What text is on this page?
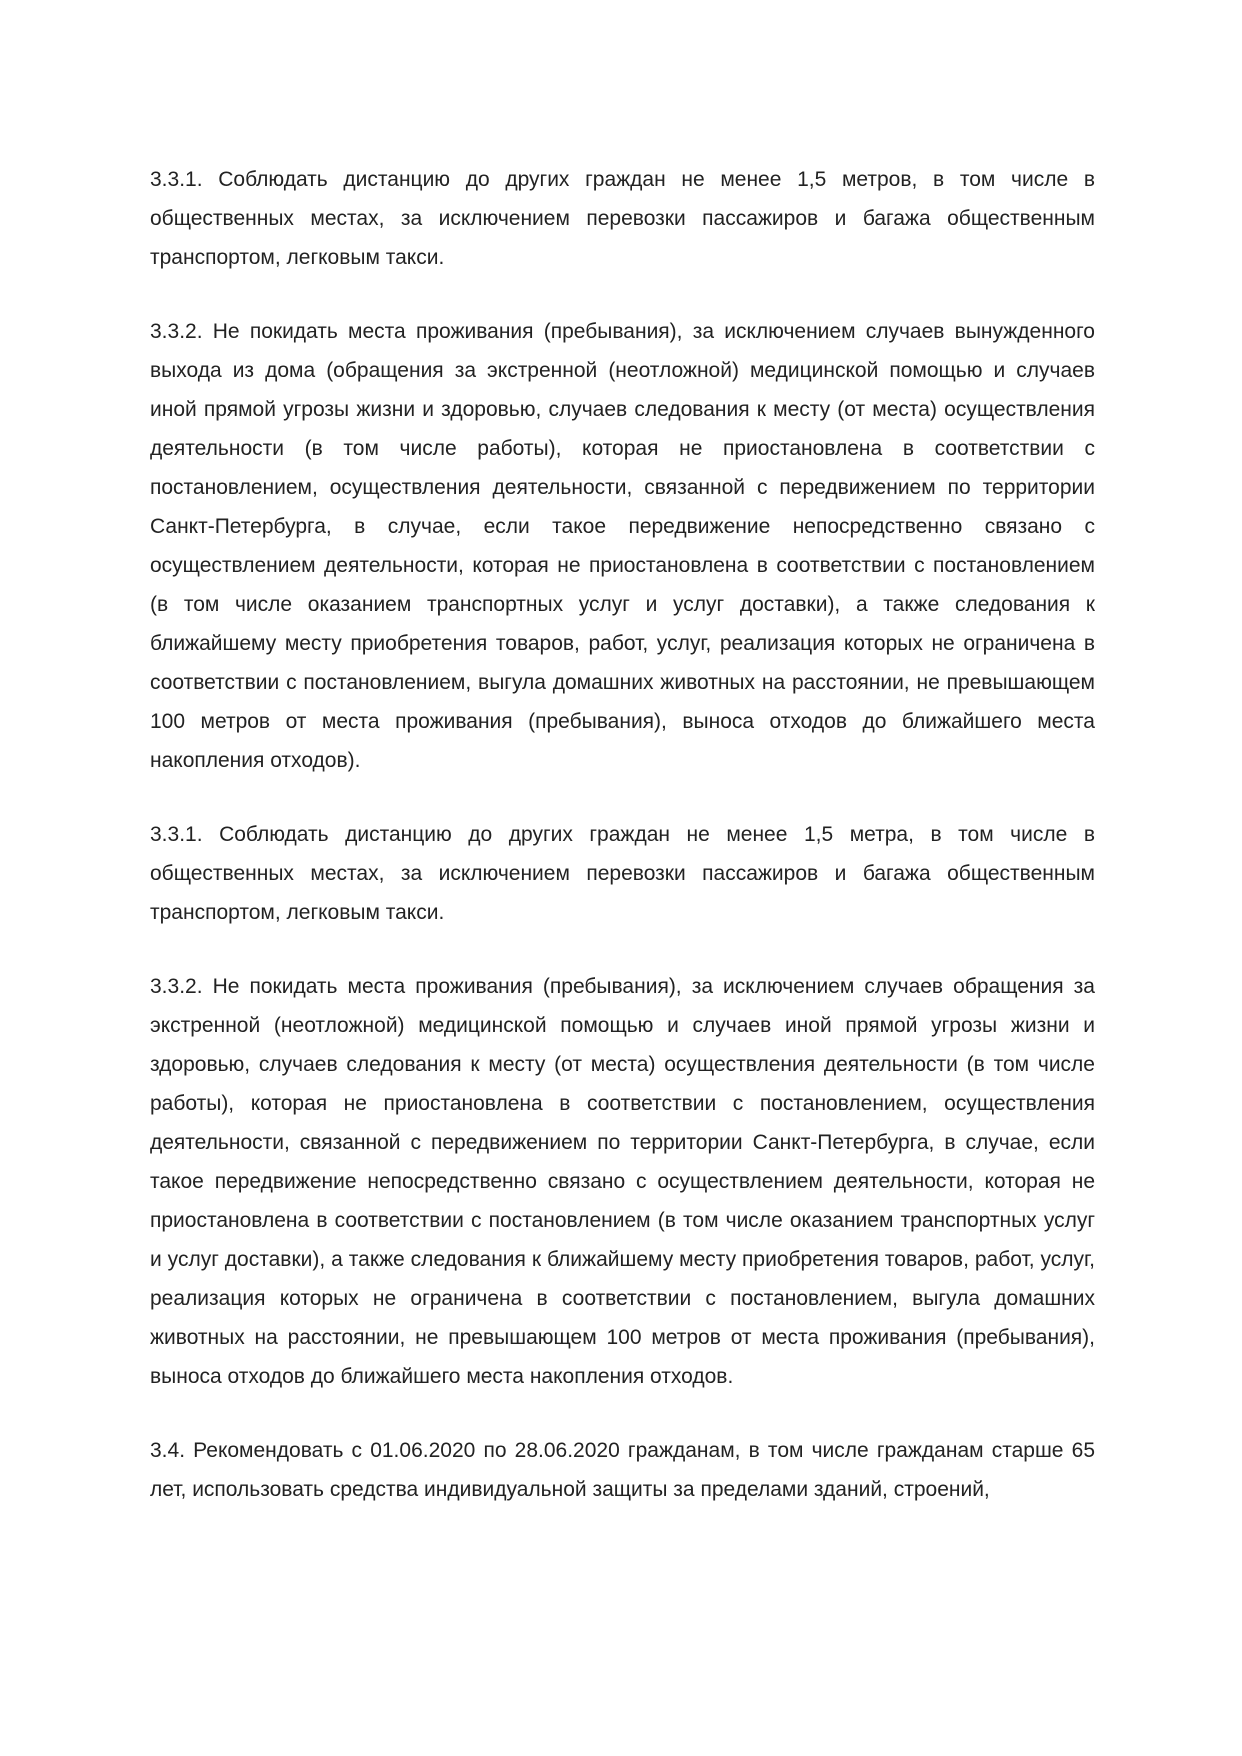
3.3.1. Соблюдать дистанцию до других граждан не менее 1,5 метров, в том числе в общественных местах, за исключением перевозки пассажиров и багажа общественным транспортом, легковым такси.

3.3.2. Не покидать места проживания (пребывания), за исключением случаев вынужденного выхода из дома (обращения за экстренной (неотложной) медицинской помощью и случаев иной прямой угрозы жизни и здоровью, случаев следования к месту (от места) осуществления деятельности (в том числе работы), которая не приостановлена в соответствии с постановлением, осуществления деятельности, связанной с передвижением по территории Санкт-Петербурга, в случае, если такое передвижение непосредственно связано с осуществлением деятельности, которая не приостановлена в соответствии с постановлением (в том числе оказанием транспортных услуг и услуг доставки), а также следования к ближайшему месту приобретения товаров, работ, услуг, реализация которых не ограничена в соответствии с постановлением, выгула домашних животных на расстоянии, не превышающем 100 метров от места проживания (пребывания), выноса отходов до ближайшего места накопления отходов).

3.3.1. Соблюдать дистанцию до других граждан не менее 1,5 метра, в том числе в общественных местах, за исключением перевозки пассажиров и багажа общественным транспортом, легковым такси.

3.3.2. Не покидать места проживания (пребывания), за исключением случаев обращения за экстренной (неотложной) медицинской помощью и случаев иной прямой угрозы жизни и здоровью, случаев следования к месту (от места) осуществления деятельности (в том числе работы), которая не приостановлена в соответствии с постановлением, осуществления деятельности, связанной с передвижением по территории Санкт-Петербурга, в случае, если такое передвижение непосредственно связано с осуществлением деятельности, которая не приостановлена в соответствии с постановлением (в том числе оказанием транспортных услуг и услуг доставки), а также следования к ближайшему месту приобретения товаров, работ, услуг, реализация которых не ограничена в соответствии с постановлением, выгула домашних животных на расстоянии, не превышающем 100 метров от места проживания (пребывания), выноса отходов до ближайшего места накопления отходов.

3.4. Рекомендовать с 01.06.2020 по 28.06.2020 гражданам, в том числе гражданам старше 65 лет, использовать средства индивидуальной защиты за пределами зданий, строений,
